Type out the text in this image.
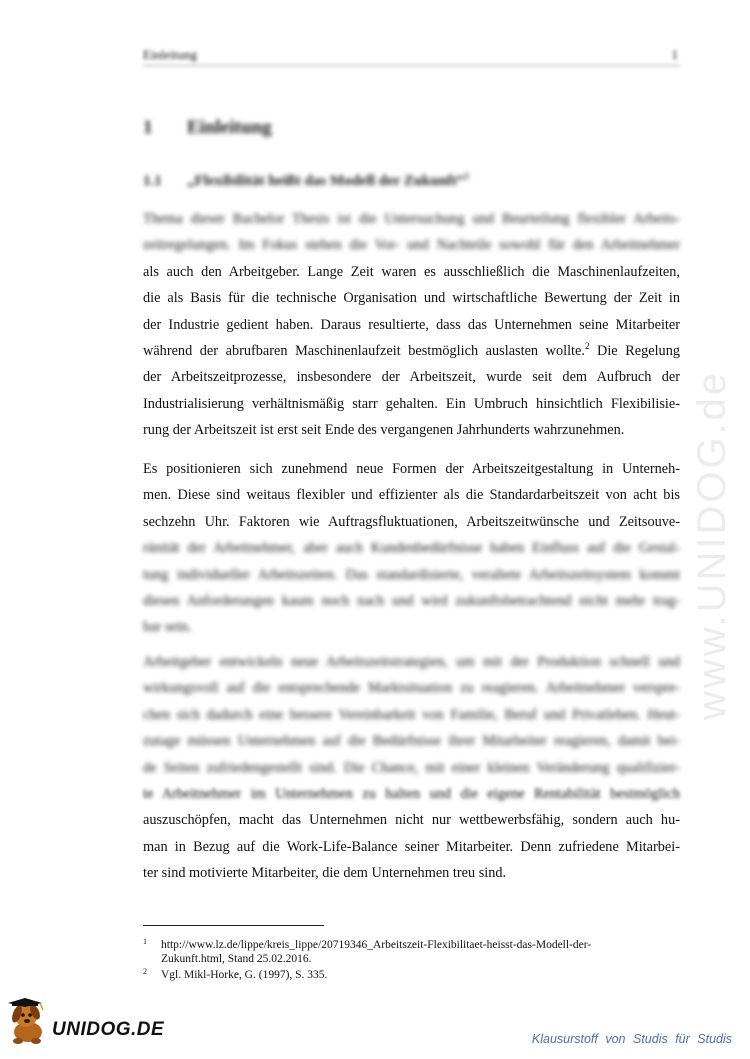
Einleitung	1
1 Einleitung
1.1 „Flexibilität heißt das Modell der Zukunft“$^1$
Thema dieser Bachelor Thesis ist die Untersuchung und Beurteilung flexibler Arbeits-
zeitregelungen. Im Fokus stehen die Vor- und Nachteile sowohl für den Arbeitnehmer
als auch den Arbeitgeber. Lange Zeit waren es ausschließlich die Maschinenlaufzeiten,
die als Basis für die technische Organisation und wirtschaftliche Bewertung der Zeit in
der Industrie gedient haben. Daraus resultierte, dass das Unternehmen seine Mitarbeiter
während der abrufbaren Maschinenlaufzeit bestmöglich auslasten wollte.$^2$ Die Regelung
der Arbeitszeitprozesse, insbesondere der Arbeitszeit, wurde seit dem Aufbruch der
Industrialisierung verhältnismäßig starr gehalten. Ein Umbruch hinsichtlich Flexibilisie-
rung der Arbeitszeit ist erst seit Ende des vergangenen Jahrhunderts wahrzunehmen.
Es positionieren sich zunehmend neue Formen der Arbeitszeitgestaltung in Unterneh-
men. Diese sind weitaus flexibler und effizienter als die Standardarbeitszeit von acht bis
sechzehn Uhr. Faktoren wie Auftragsfluktuationen, Arbeitszeitwünsche und Zeitsouve-
ränität der Arbeitnehmer, aber auch Kundenbedürfnisse haben Einfluss auf die Gestal-
tung individueller Arbeitszeiten. Das standardisierte, veraltete Arbeitszeitsystem kommt
diesen Anforderungen kaum noch nach und wird zukunftsbetrachtend nicht mehr trag-
bar sein.
Arbeitgeber entwickeln neue Arbeitszeitstrategien, um mit der Produktion schnell und
wirkungsvoll auf die entsprechende Marktsituation zu reagieren. Arbeitnehmer verspre-
chen sich dadurch eine bessere Vereinbarkeit von Familie, Beruf und Privatleben. Heut-
zutage müssen Unternehmen auf die Bedürfnisse ihrer Mitarbeiter reagieren, damit bei-
de Seiten zufriedengestellt sind. Die Chance, mit einer kleinen Veränderung qualifizier-
te Arbeitnehmer im Unternehmen zu halten und die eigene Rentabilität bestmöglich
auszuschöpfen, macht das Unternehmen nicht nur wettbewerbsfähig, sondern auch hu-
man in Bezug auf die Work-Life-Balance seiner Mitarbeiter. Denn zufriedene Mitarbei-
ter sind motivierte Mitarbeiter, die dem Unternehmen treu sind.
1 http://www.lz.de/lippe/kreis_lippe/20719346_Arbeitszeit-Flexibilitaet-heisst-das-Modell-der-
Zukunft.html, Stand 25.02.2016.
2 Vgl. Mikl-Horke, G. (1997), S. 335.
www.UNIDOG.de
UNIDOG.DE	Klausurstoff von Studis für Studis
